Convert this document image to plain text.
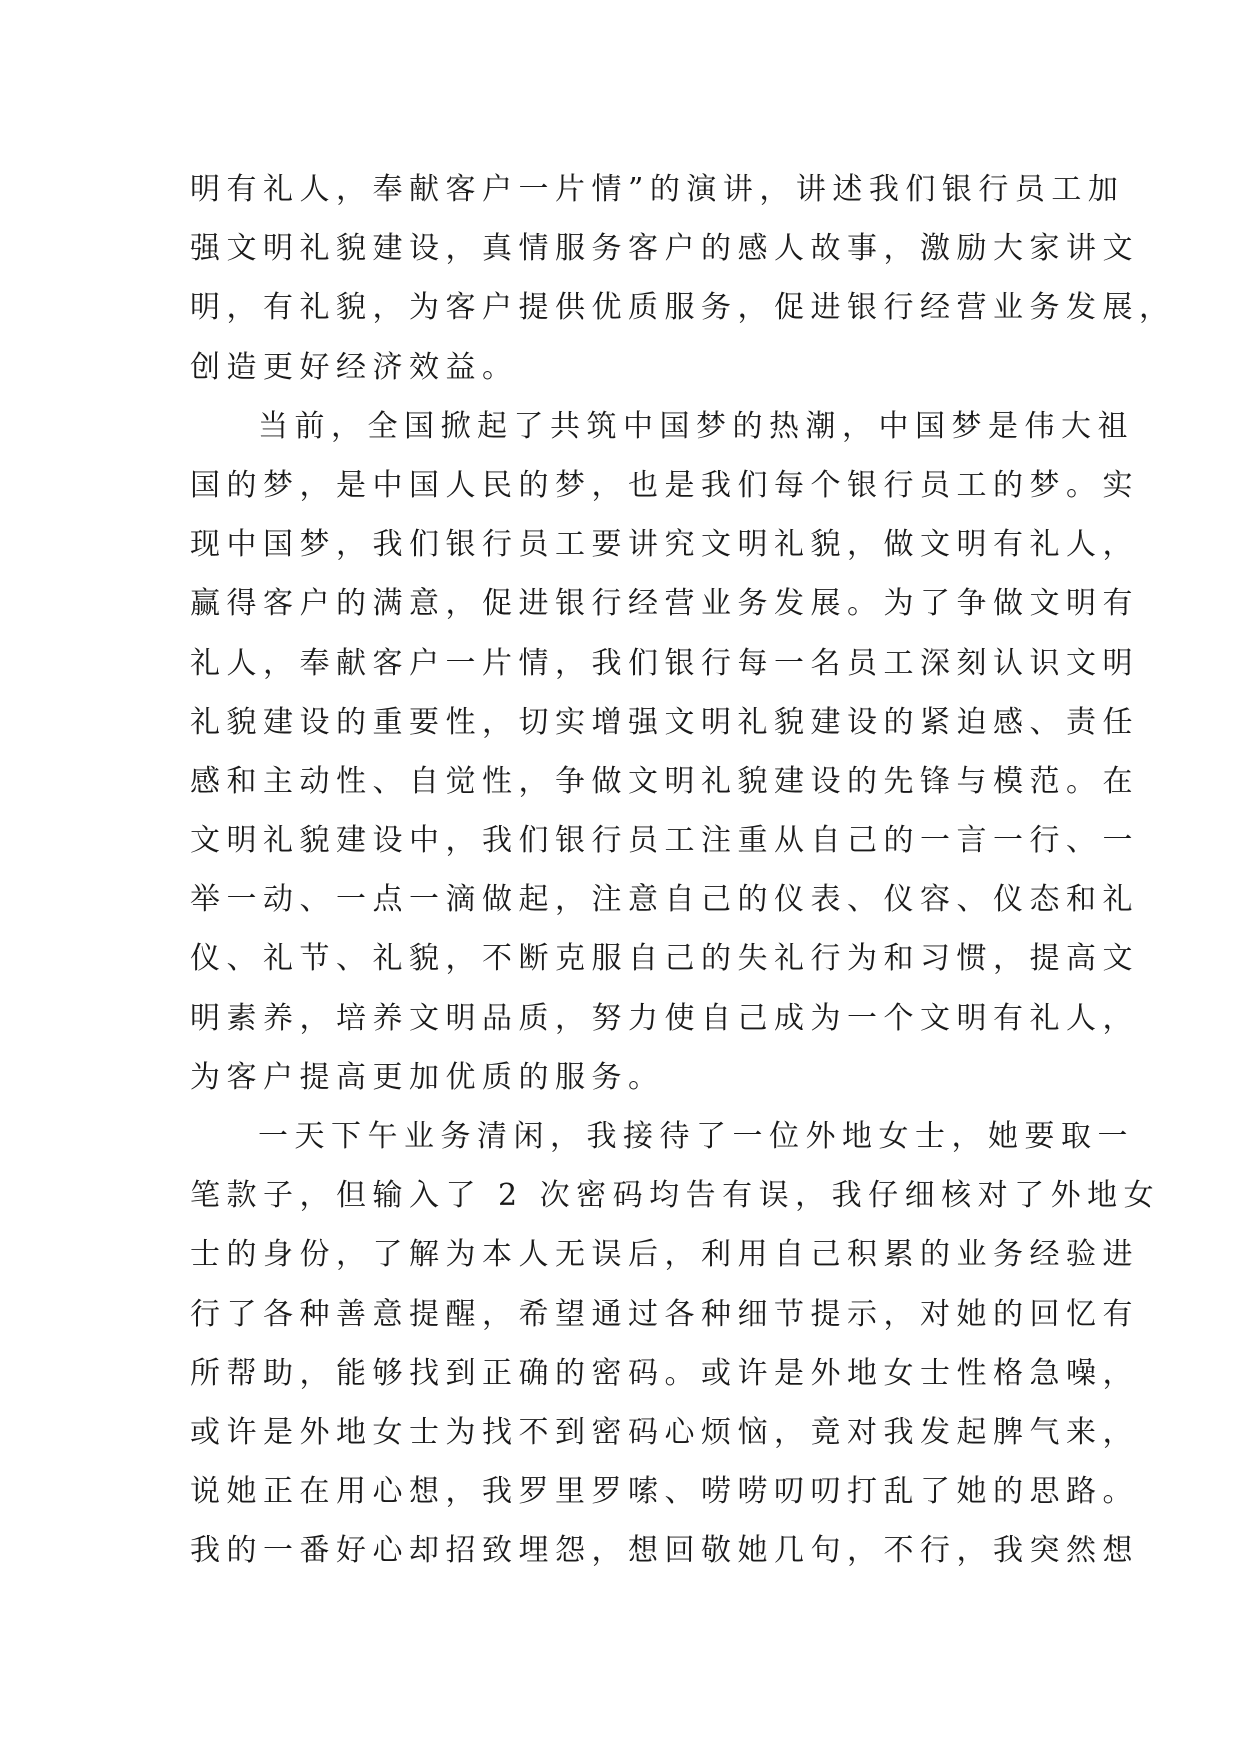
明有礼人，奉献客户一片情”的演讲，讲述我们银行员工加
强文明礼貌建设，真情服务客户的感人故事，激励大家讲文
明，有礼貌，为客户提供优质服务，促进银行经营业务发展，
创造更好经济效益。
当前，全国掀起了共筑中国梦的热潮，中国梦是伟大祖
国的梦，是中国人民的梦，也是我们每个银行员工的梦。实
现中国梦，我们银行员工要讲究文明礼貌，做文明有礼人，
赢得客户的满意，促进银行经营业务发展。为了争做文明有
礼人，奉献客户一片情，我们银行每一名员工深刻认识文明
礼貌建设的重要性，切实增强文明礼貌建设的紧迫感、责任
感和主动性、自觉性，争做文明礼貌建设的先锋与模范。在
文明礼貌建设中，我们银行员工注重从自己的一言一行、一
举一动、一点一滴做起，注意自己的仪表、仪容、仪态和礼
仪、礼节、礼貌，不断克服自己的失礼行为和习惯，提高文
明素养，培养文明品质，努力使自己成为一个文明有礼人，
为客户提高更加优质的服务。
一天下午业务清闲，我接待了一位外地女士，她要取一
笔款子，但输入了 2 次密码均告有误，我仔细核对了外地女
士的身份，了解为本人无误后，利用自己积累的业务经验进
行了各种善意提醒，希望通过各种细节提示，对她的回忆有
所帮助，能够找到正确的密码。或许是外地女士性格急噪，
或许是外地女士为找不到密码心烦恼，竟对我发起脾气来，
说她正在用心想，我罗里罗嗦、唠唠叨叨打乱了她的思路。
我的一番好心却招致埋怨，想回敬她几句，不行，我突然想
